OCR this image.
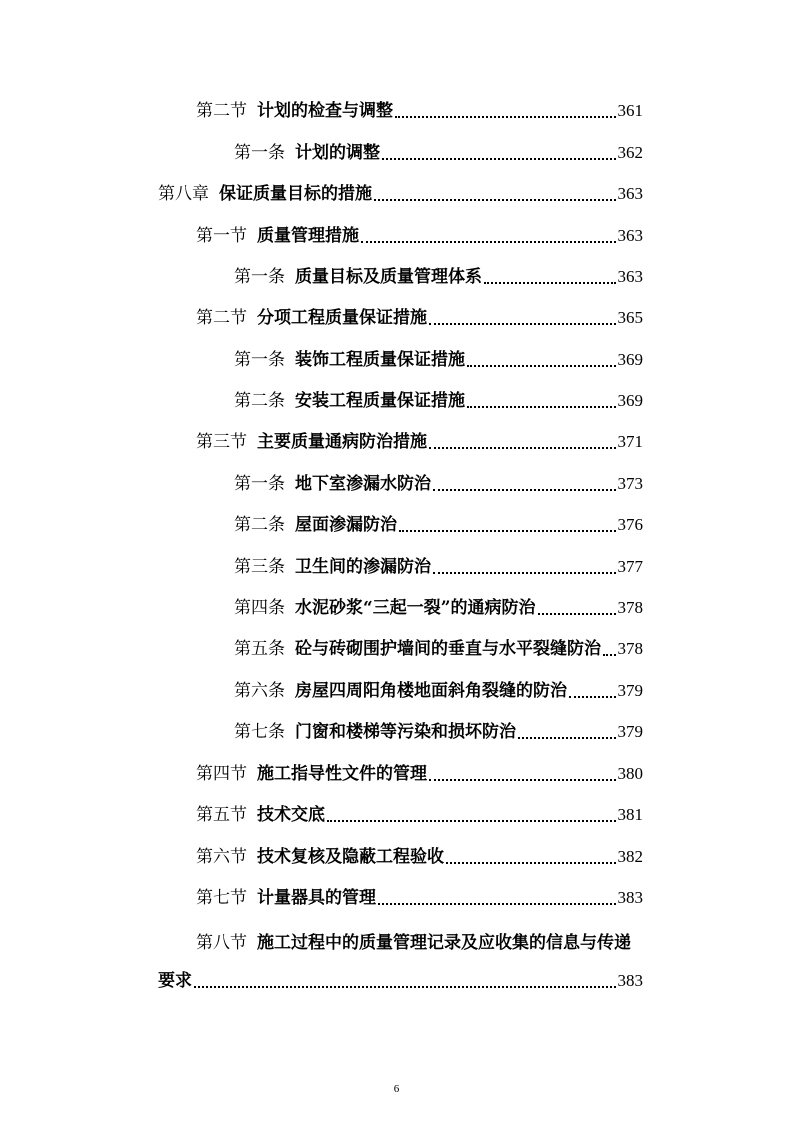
第二节 计划的检查与调整	361
第一条 计划的调整	362
第八章 保证质量目标的措施	363
第一节 质量管理措施	363
第一条 质量目标及质量管理体系	363
第二节 分项工程质量保证措施	365
第一条 装饰工程质量保证措施	369
第二条 安装工程质量保证措施	369
第三节 主要质量通病防治措施	371
第一条 地下室渗漏水防治	373
第二条 屋面渗漏防治	376
第三条 卫生间的渗漏防治	377
第四条 水泥砂浆“三起一裂”的通病防治	378
第五条 砼与砖砌围护墙间的垂直与水平裂缝防治 378
第六条 房屋四周阳角楼地面斜角裂缝的防治	379
第七条 门窗和楼梯等污染和损坏防治	379
第四节 施工指导性文件的管理	380
第五节 技术交底	381
第六节 技术复核及隐蔽工程验收	382
第七节 计量器具的管理	383
第八节 施工过程中的质量管理记录及应收集的信息与传递
要求	383
6
